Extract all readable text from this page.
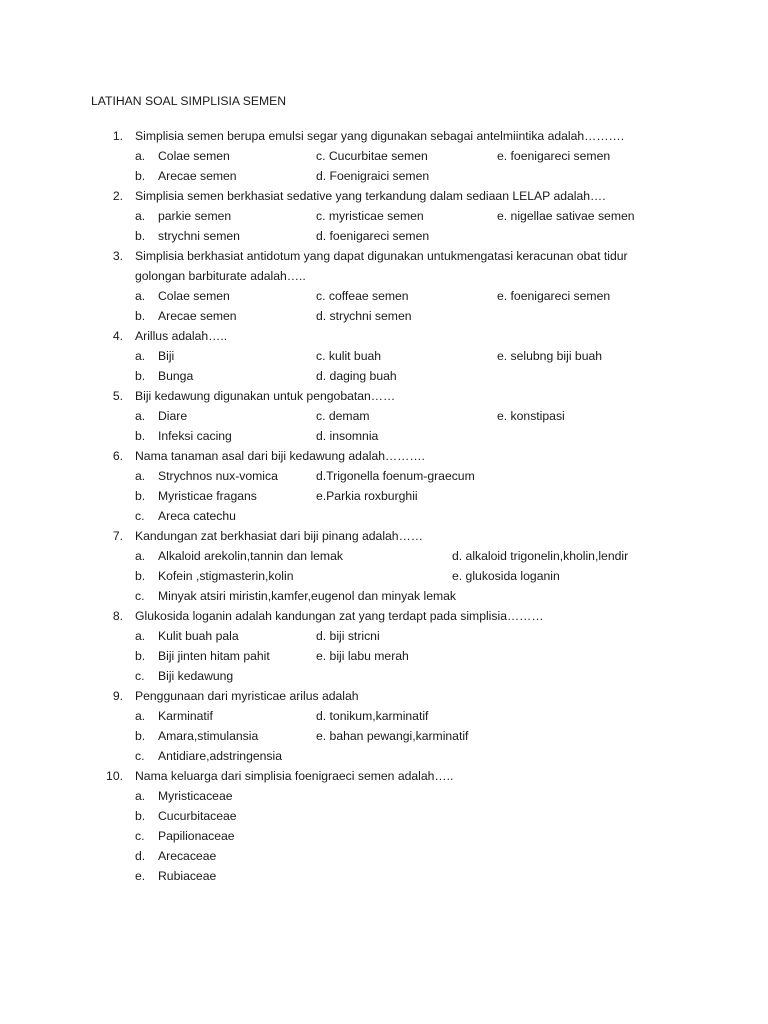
LATIHAN SOAL SIMPLISIA SEMEN
1. Simplisia semen berupa emulsi segar yang digunakan sebagai antelmiintika adalah……….
a. Colae semen	c. Cucurbitae semen	e. foenigareci semen
b. Arecae semen	d. Foenigraici semen
2. Simplisia semen berkhasiat sedative yang terkandung dalam sediaan LELAP adalah….
a. parkie semen	c. myristicae semen	e. nigellae sativae semen
b. strychni semen	d. foenigareci semen
3. Simplisia berkhasiat antidotum yang dapat digunakan untukmengatasi keracunan obat tidur
golongan barbiturate adalah…..
a. Colae semen	c. coffeae semen	e. foenigareci semen
b. Arecae semen	d. strychni semen
4. Arillus adalah…..
a. Biji	c. kulit buah	e. selubng biji buah
b. Bunga	d. daging buah
5. Biji kedawung digunakan untuk pengobatan……
a. Diare	c. demam	e. konstipasi
b. Infeksi cacing	d. insomnia
6. Nama tanaman asal dari biji kedawung adalah……….
a. Strychnos nux-vomica	d.Trigonella foenum-graecum
b. Myristicae fragans	e.Parkia roxburghii
c. Areca catechu
7. Kandungan zat berkhasiat dari biji pinang adalah……
a. Alkaloid arekolin,tannin dan lemak	d. alkaloid trigonelin,kholin,lendir
b. Kofein ,stigmasterin,kolin	e. glukosida loganin
c. Minyak atsiri miristin,kamfer,eugenol dan minyak lemak
8. Glukosida loganin adalah kandungan zat yang terdapt pada simplisia………
a. Kulit buah pala	d. biji stricni
b. Biji jinten hitam pahit	e. biji labu merah
c. Biji kedawung
9. Penggunaan dari myristicae arilus adalah
a. Karminatif	d. tonikum,karminatif
b. Amara,stimulansia	e. bahan pewangi,karminatif
c. Antidiare,adstringensia
10. Nama keluarga dari simplisia foenigraeci semen adalah…..
a. Myristicaceae
b. Cucurbitaceae
c. Papilionaceae
d. Arecaceae
e. Rubiaceae
